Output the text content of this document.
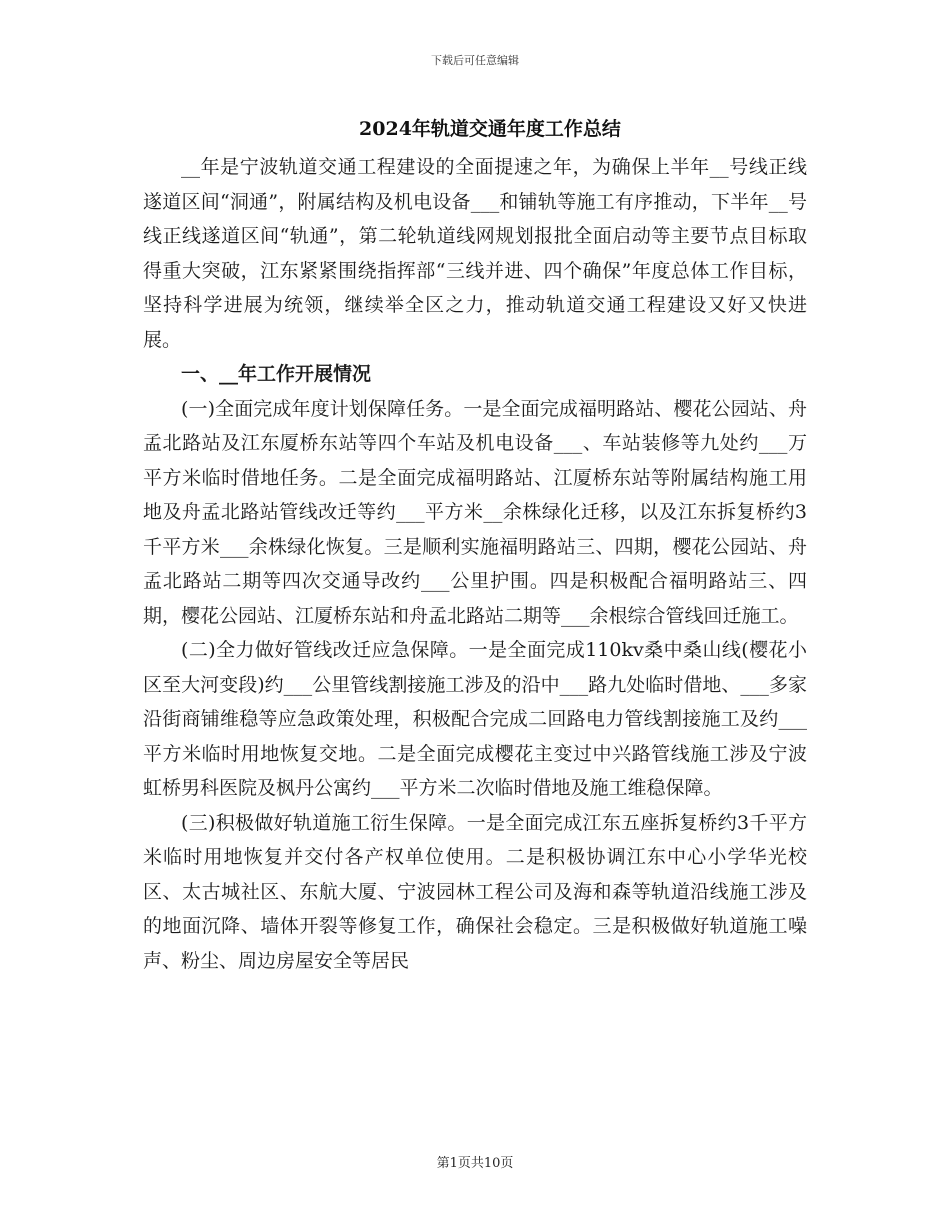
下载后可任意编辑
2024年轨道交通年度工作总结

__年是宁波轨道交通工程建设的全面提速之年，为确保上半年__号线正线遂道区间“洞通”，附属结构及机电设备___和铺轨等施工有序推动，下半年__号线正线遂道区间“轨通”，第二轮轨道线网规划报批全面启动等主要节点目标取得重大突破，江东紧紧围绕指挥部“三线并进、四个确保”年度总体工作目标，坚持科学进展为统领，继续举全区之力，推动轨道交通工程建设又好又快进展。

一、__年工作开展情况

(一)全面完成年度计划保障任务。一是全面完成福明路站、樱花公园站、舟孟北路站及江东厦桥东站等四个车站及机电设备___、车站装修等九处约___万平方米临时借地任务。二是全面完成福明路站、江厦桥东站等附属结构施工用地及舟孟北路站管线改迁等约___平方米__余株绿化迁移，以及江东拆复桥约3千平方米___余株绿化恢复。三是顺利实施福明路站三、四期，樱花公园站、舟孟北路站二期等四次交通导改约___公里护围。四是积极配合福明路站三、四期，樱花公园站、江厦桥东站和舟孟北路站二期等___余根综合管线回迁施工。

(二)全力做好管线改迁应急保障。一是全面完成110kv桑中桑山线(樱花小区至大河变段)约___公里管线割接施工涉及的沿中___路九处临时借地、___多家沿街商铺维稳等应急政策处理，积极配合完成二回路电力管线割接施工及约___平方米临时用地恢复交地。二是全面完成樱花主变过中兴路管线施工涉及宁波虹桥男科医院及枫丹公寓约___平方米二次临时借地及施工维稳保障。

(三)积极做好轨道施工衍生保障。一是全面完成江东五座拆复桥约3千平方米临时用地恢复并交付各产权单位使用。二是积极协调江东中心小学华光校区、太古城社区、东航大厦、宁波园林工程公司及海和森等轨道沿线施工涉及的地面沉降、墙体开裂等修复工作，确保社会稳定。三是积极做好轨道施工噪声、粉尘、周边房屋安全等居民

第1页共10页
